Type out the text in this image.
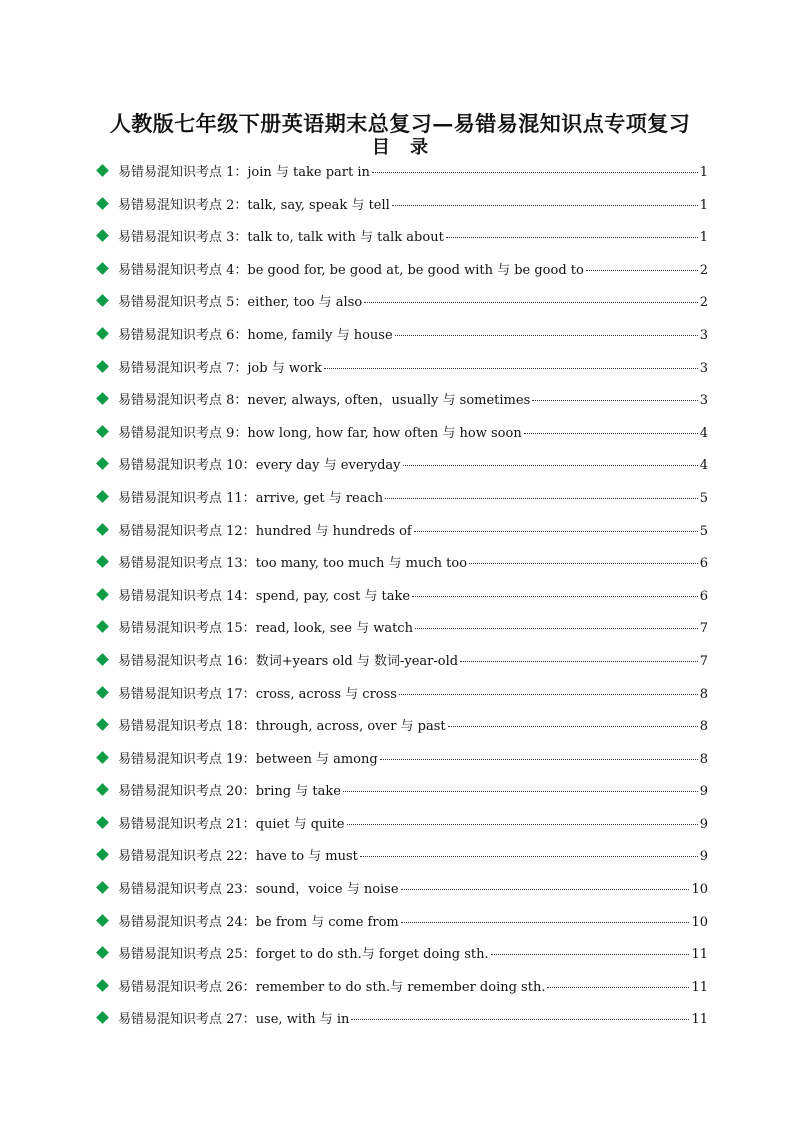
人教版七年级下册英语期末总复习—易错易混知识点专项复习
目 录
易错易混知识考点 1： join 与 take part in	1
易错易混知识考点 2： talk, say, speak 与 tell	1
易错易混知识考点 3： talk to, talk with 与 talk about	1
易错易混知识考点 4： be good for, be good at, be good with 与 be good to	2
易错易混知识考点 5： either, too 与 also	2
易错易混知识考点 6： home, family 与 house	3
易错易混知识考点 7： job 与 work	3
易错易混知识考点 8： never, always, often，usually 与 sometimes	3
易错易混知识考点 9： how long, how far, how often 与 how soon	4
易错易混知识考点 10： every day 与 everyday	4
易错易混知识考点 11： arrive, get 与 reach	5
易错易混知识考点 12： hundred 与 hundreds of	5
易错易混知识考点 13： too many, too much 与 much too	6
易错易混知识考点 14： spend, pay, cost 与 take	6
易错易混知识考点 15： read, look, see 与 watch	7
易错易混知识考点 16： 数词+years old 与 数词-year-old	7
易错易混知识考点 17： cross, across 与 cross	8
易错易混知识考点 18： through, across, over 与 past	8
易错易混知识考点 19： between 与 among	8
易错易混知识考点 20： bring 与 take	9
易错易混知识考点 21： quiet 与 quite	9
易错易混知识考点 22： have to 与 must	9
易错易混知识考点 23： sound，voice 与 noise	10
易错易混知识考点 24： be from 与 come from	10
易错易混知识考点 25： forget to do sth.与 forget doing sth.	11
易错易混知识考点 26： remember to do sth.与 remember doing sth.	11
易错易混知识考点 27： use, with 与 in	11
